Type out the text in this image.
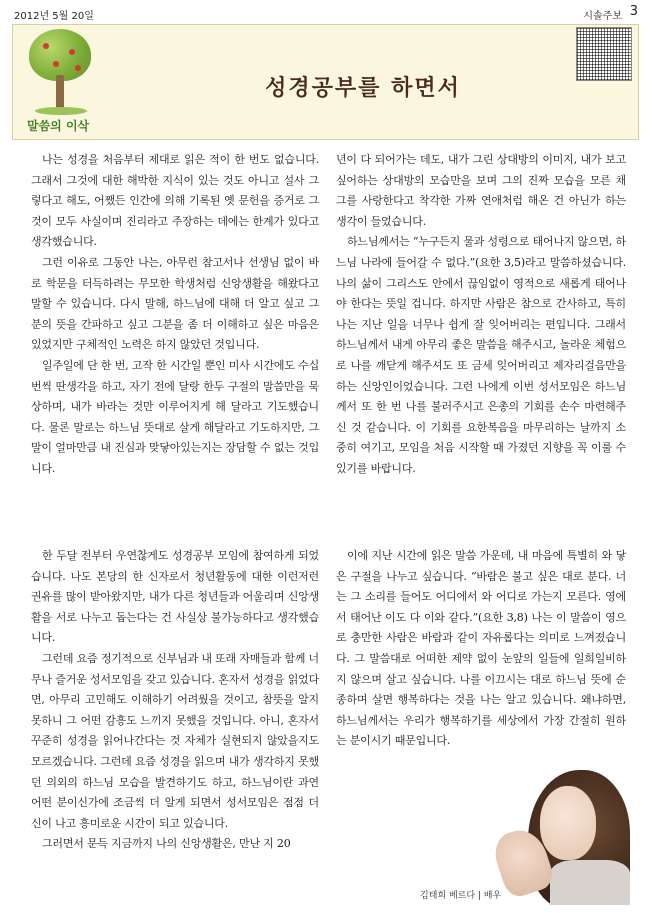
2012년 5월 20일	시솔주보 3
말씀의 이삭
성경공부를 하면서

나는 성경을 처음부터 제대로 읽은 적이 한 번도 없습니다. 그래서 그것에 대한 해박한 지식이 있는 것도 아니고 설사 그렇다고 해도, 어쨌든 인간에 의해 기록된 옛 문헌을 증거로 그것이 모두 사실이며 진리라고 주장하는 데에는 한계가 있다고 생각했습니다.

그런 이유로 그동안 나는, 아무런 참고서나 선생님 없이 바로 학문을 터득하려는 무모한 학생처럼 신앙생활을 해왔다고 말할 수 있습니다. 다시 말해, 하느님에 대해 더 알고 싶고 그분의 뜻을 간파하고 싶고 그분을 좀 더 이해하고 싶은 마음은 있었지만 구체적인 노력은 하지 않았던 것입니다.

일주일에 단 한 번, 고작 한 시간일 뿐인 미사 시간에도 수십 번씩 딴생각을 하고, 자기 전에 달랑 한두 구절의 말씀만을 묵상하며, 내가 바라는 것만 이루어지게 해 달라고 기도했습니다. 물론 말로는 하느님 뜻대로 살게 해달라고 기도하지만, 그 말이 얼마만큼 내 진심과 맞닿아있는지는 장담할 수 없는 것입니다.

년이 다 되어가는 데도, 내가 그린 상대방의 이미지, 내가 보고 싶어하는 상대방의 모습만을 보며 그의 진짜 모습을 모른 채 그를 사랑한다고 착각한 가짜 연애처럼 해온 건 아닌가 하는 생각이 들었습니다.

하느님께서는 “누구든지 물과 성령으로 태어나지 않으면, 하느님 나라에 들어갈 수 없다.”(요한 3,5)라고 말씀하셨습니다. 나의 삶이 그리스도 안에서 끊임없이 영적으로 새롭게 태어나야 한다는 뜻일 겁니다. 하지만 사람은 참으로 간사하고, 특히 나는 지난 일을 너무나 쉽게 잘 잊어버리는 편입니다. 그래서 하느님께서 내게 아무리 좋은 말씀을 해주시고, 놀라운 체험으로 나를 깨닫게 해주셔도 또 금세 잊어버리고 제자리걸음만을 하는 신앙인이었습니다. 그런 나에게 이번 성서모임은 하느님께서 또 한 번 나를 불러주시고 은총의 기회를 손수 마련해주신 것 같습니다. 이 기회를 요한복음을 마무리하는 날까지 소중히 여기고, 모임을 처음 시작할 때 가졌던 지향을 꼭 이룰 수 있기를 바랍니다.

한 두달 전부터 우연찮게도 성경공부 모임에 참여하게 되었습니다. 나도 본당의 한 신자로서 청년활동에 대한 이런저런 권유를 많이 받아왔지만, 내가 다른 청년들과 어울리며 신앙생활을 서로 나누고 돕는다는 건 사실상 불가능하다고 생각했습니다.

그런데 요즘 정기적으로 신부님과 내 또래 자매들과 함께 너무나 즐거운 성서모임을 갖고 있습니다. 혼자서 성경을 읽었다면, 아무리 고민해도 이해하기 어려웠을 것이고, 참뜻을 알지 못하니 그 어떤 감흥도 느끼지 못했을 것입니다. 아니, 혼자서 꾸준히 성경을 읽어나간다는 것 자체가 실현되지 않았을지도 모르겠습니다. 그런데 요즘 성경을 읽으며 내가 생각하지 못했던 의외의 하느님 모습을 발견하기도 하고, 하느님이란 과연 어떤 분이신가에 조금씩 더 알게 되면서 성서모임은 점점 더 신이 나고 흥미로운 시간이 되고 있습니다.

그러면서 문득 지금까지 나의 신앙생활은, 만난 지 20

이에 지난 시간에 읽은 말씀 가운데, 내 마음에 특별히 와 닿은 구절을 나누고 싶습니다. “바람은 불고 싶은 대로 분다. 너는 그 소리를 들어도 어디에서 와 어디로 가는지 모른다. 영에서 태어난 이도 다 이와 같다.”(요한 3,8) 나는 이 말씀이 영으로 충만한 사람은 바람과 같이 자유롭다는 의미로 느껴졌습니다. 그 말씀대로 어떠한 제약 없이 눈앞의 일들에 일희일비하지 않으며 살고 싶습니다. 나를 이끄시는 대로 하느님 뜻에 순종하며 살면 행복하다는 것을 나는 알고 있습니다. 왜냐하면, 하느님께서는 우리가 행복하기를 세상에서 가장 간절히 원하는 분이시기 때문입니다.

김태희 베르다 | 배우
